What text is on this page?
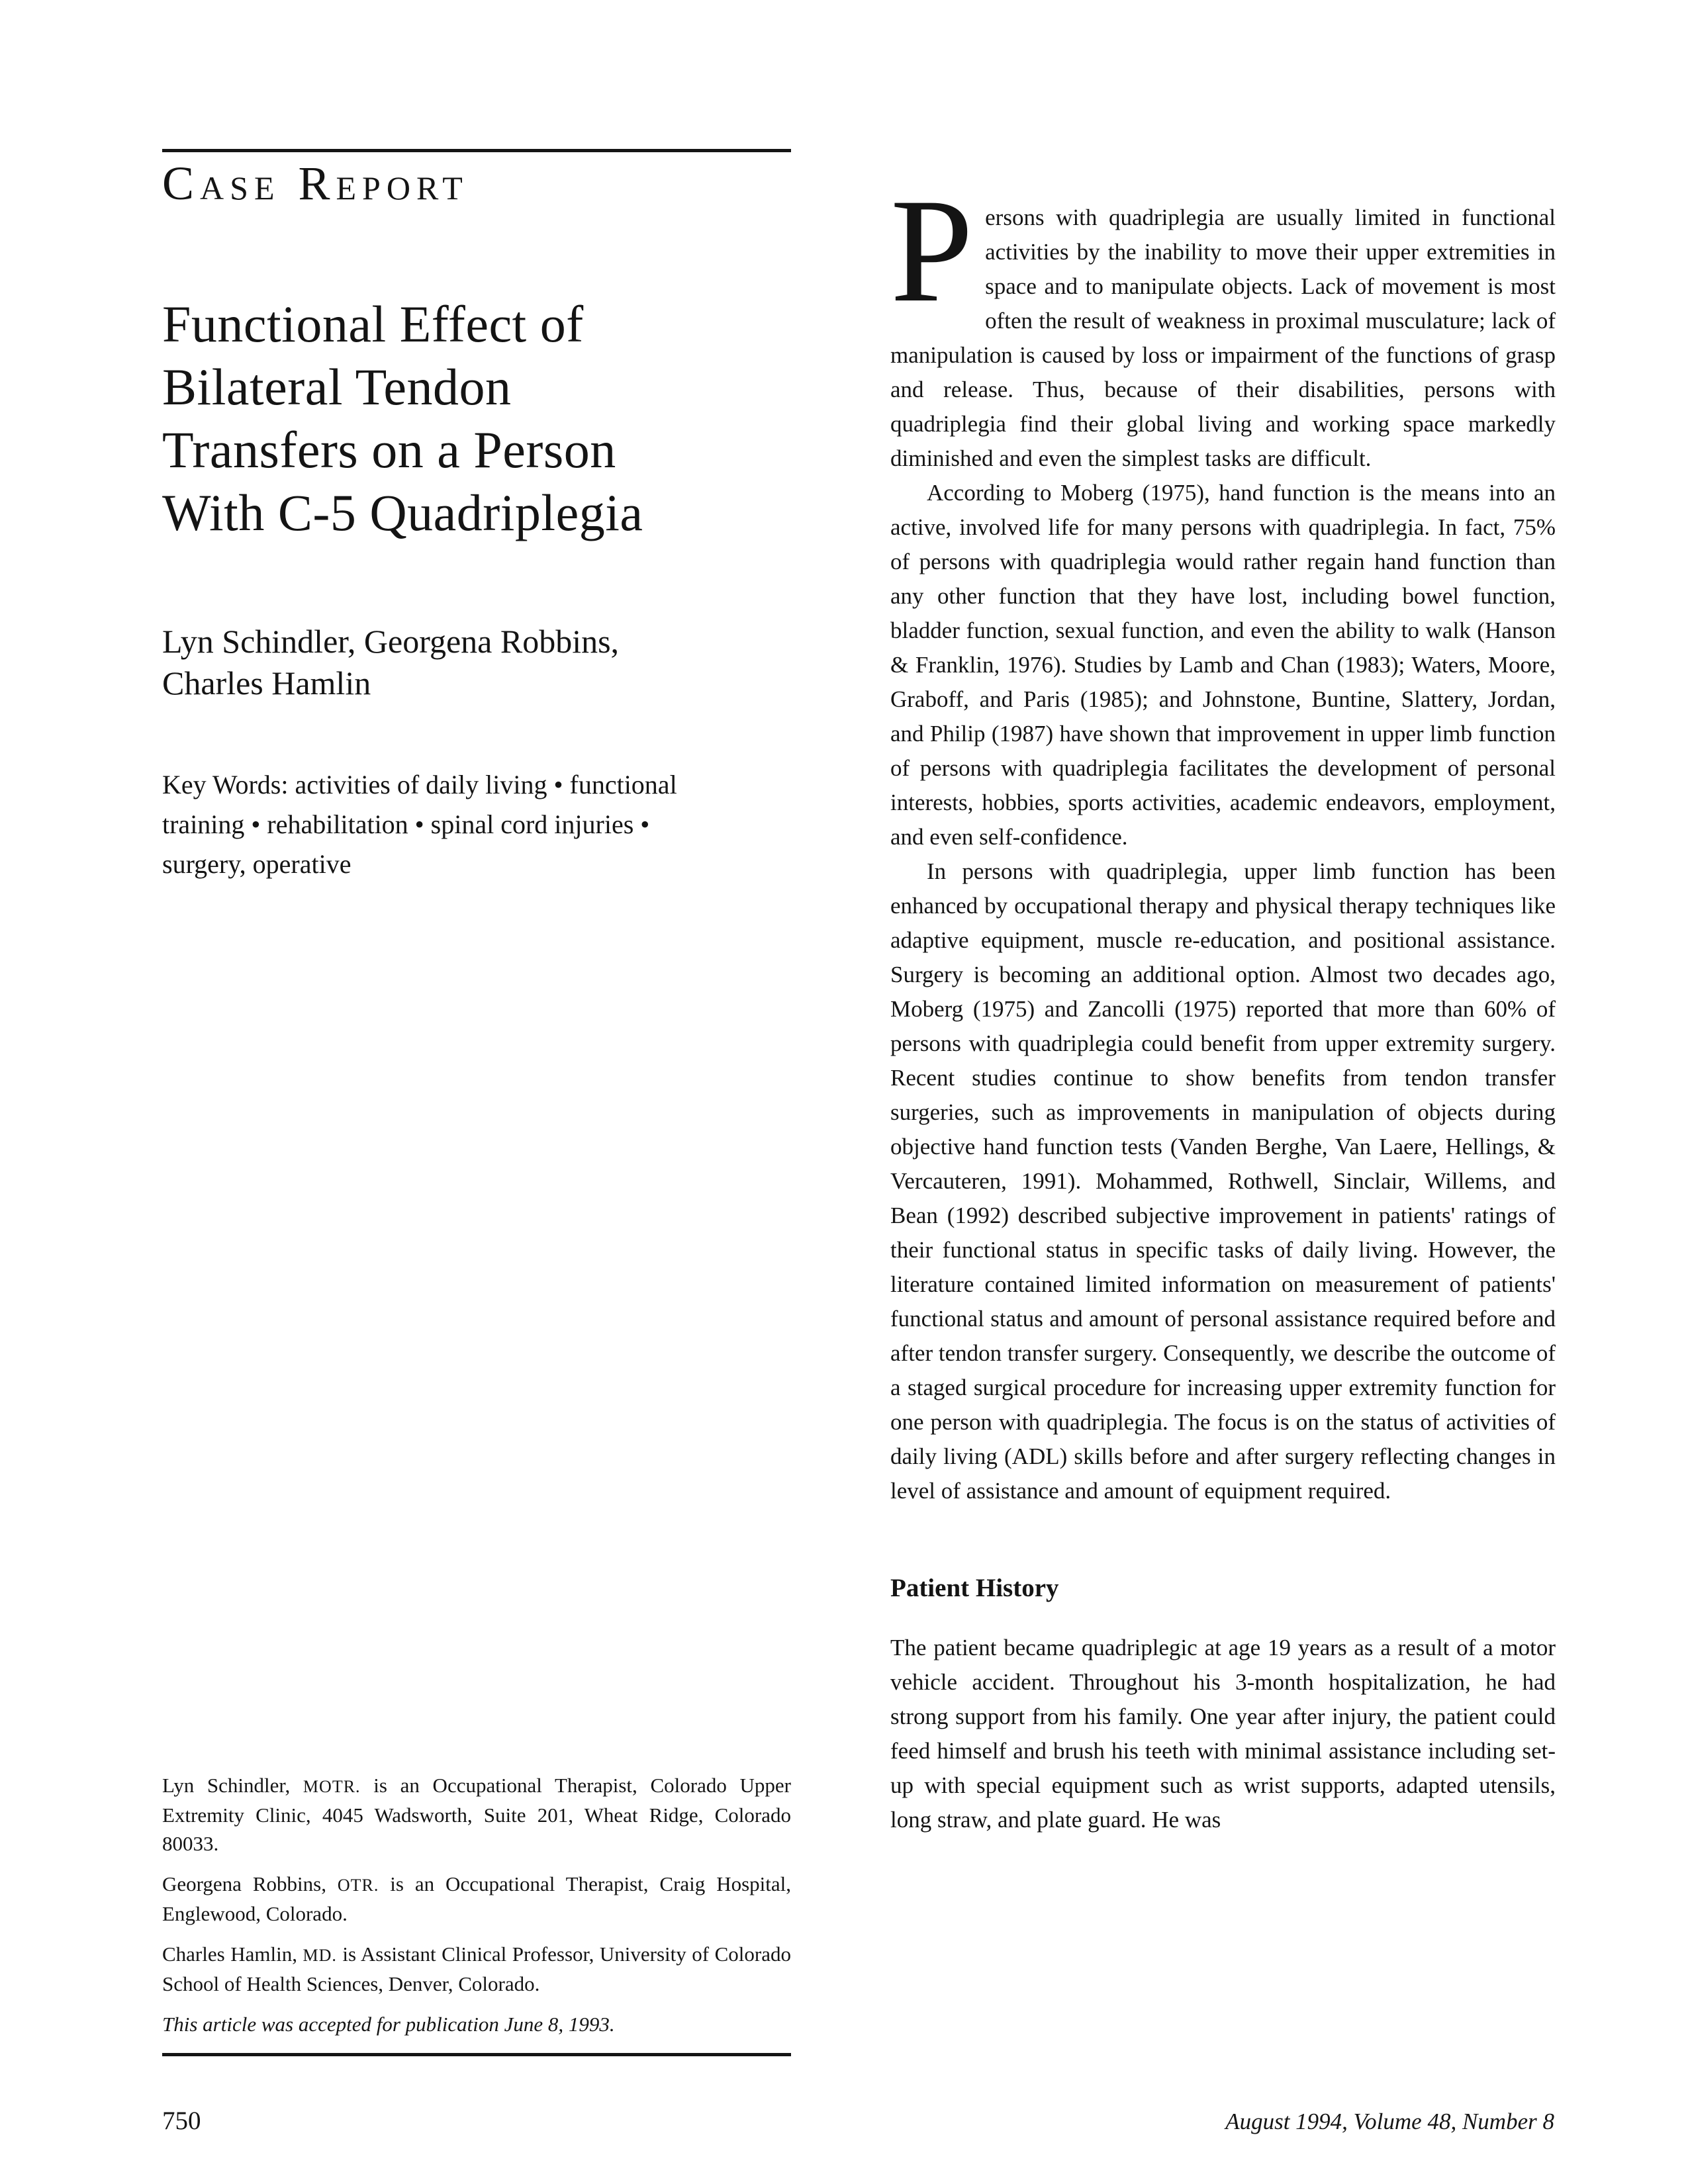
Case Report
Functional Effect of
Bilateral Tendon
Transfers on a Person
With C-5 Quadriplegia
Lyn Schindler, Georgena Robbins,
Charles Hamlin
Key Words: activities of daily living • functional
training • rehabilitation • spinal cord injuries •
surgery, operative

Lyn Schindler, MOTR. is an Occupational Therapist, Colorado Upper Extremity Clinic, 4045 Wadsworth, Suite 201, Wheat Ridge, Colorado 80033.

Georgena Robbins, OTR. is an Occupational Therapist, Craig Hospital, Englewood, Colorado.

Charles Hamlin, MD. is Assistant Clinical Professor, University of Colorado School of Health Sciences, Denver, Colorado.

This article was accepted for publication June 8, 1993.

Persons with quadriplegia are usually limited in functional activities by the inability to move their upper extremities in space and to manipulate objects. Lack of movement is most often the result of weakness in proximal musculature; lack of manipulation is caused by loss or impairment of the functions of grasp and release. Thus, because of their disabilities, persons with quadriplegia find their global living and working space markedly diminished and even the simplest tasks are difficult.

According to Moberg (1975), hand function is the means into an active, involved life for many persons with quadriplegia. In fact, 75% of persons with quadriplegia would rather regain hand function than any other function that they have lost, including bowel function, bladder function, sexual function, and even the ability to walk (Hanson & Franklin, 1976). Studies by Lamb and Chan (1983); Waters, Moore, Graboff, and Paris (1985); and Johnstone, Buntine, Slattery, Jordan, and Philip (1987) have shown that improvement in upper limb function of persons with quadriplegia facilitates the development of personal interests, hobbies, sports activities, academic endeavors, employment, and even self-confidence.

In persons with quadriplegia, upper limb function has been enhanced by occupational therapy and physical therapy techniques like adaptive equipment, muscle re-education, and positional assistance. Surgery is becoming an additional option. Almost two decades ago, Moberg (1975) and Zancolli (1975) reported that more than 60% of persons with quadriplegia could benefit from upper extremity surgery. Recent studies continue to show benefits from tendon transfer surgeries, such as improvements in manipulation of objects during objective hand function tests (Vanden Berghe, Van Laere, Hellings, & Vercauteren, 1991). Mohammed, Rothwell, Sinclair, Willems, and Bean (1992) described subjective improvement in patients' ratings of their functional status in specific tasks of daily living. However, the literature contained limited information on measurement of patients' functional status and amount of personal assistance required before and after tendon transfer surgery. Consequently, we describe the outcome of a staged surgical procedure for increasing upper extremity function for one person with quadriplegia. The focus is on the status of activities of daily living (ADL) skills before and after surgery reflecting changes in level of assistance and amount of equipment required.

Patient History

The patient became quadriplegic at age 19 years as a result of a motor vehicle accident. Throughout his 3-month hospitalization, he had strong support from his family. One year after injury, the patient could feed himself and brush his teeth with minimal assistance including set-up with special equipment such as wrist supports, adapted utensils, long straw, and plate guard. He was

750	August 1994, Volume 48, Number 8
